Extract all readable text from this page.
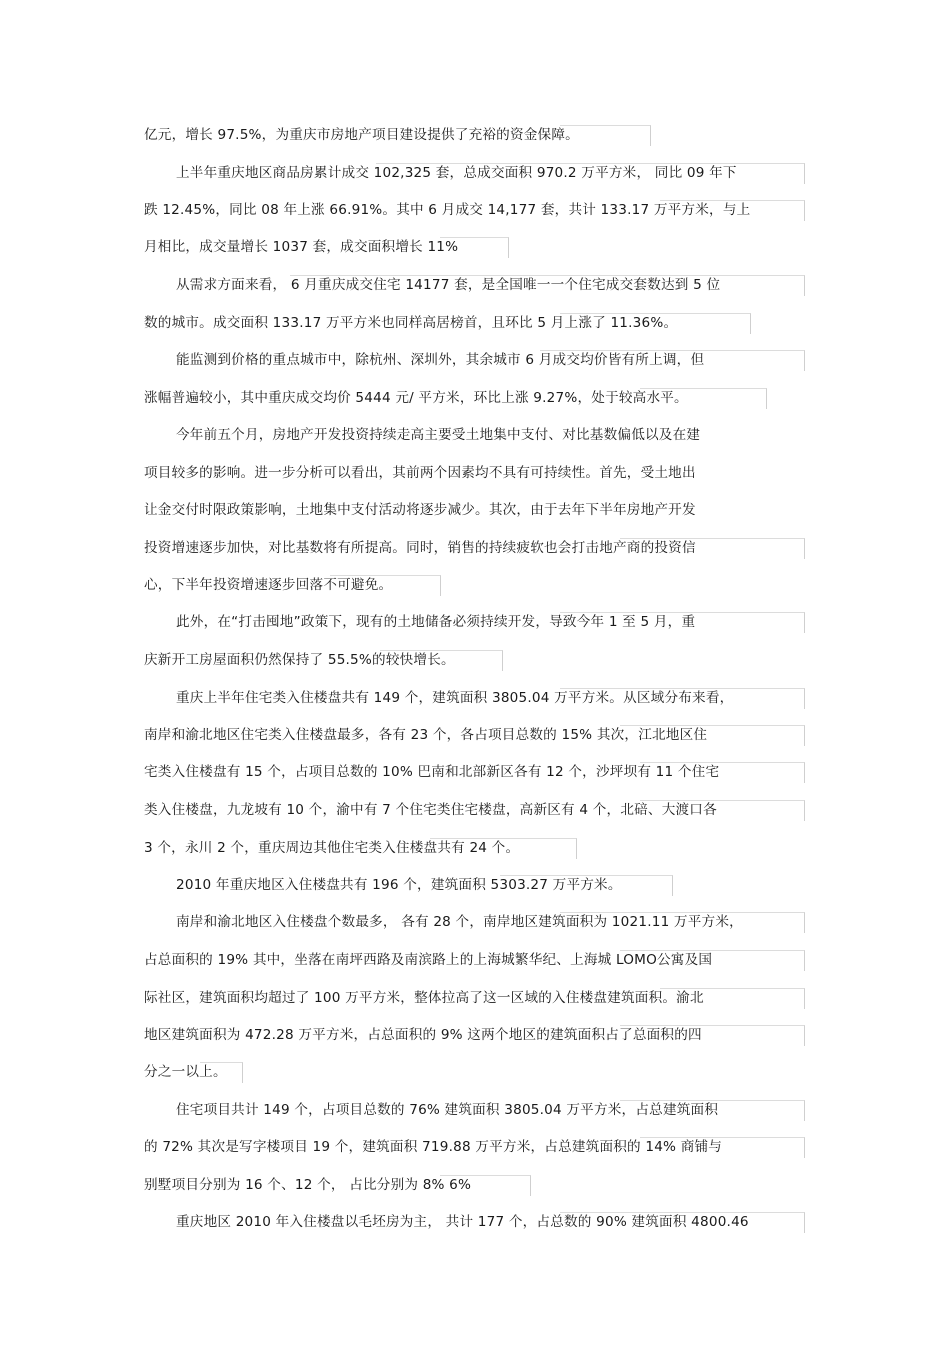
亿元，增长 97.5%，为重庆市房地产项目建设提供了充裕的资金保障。
上半年重庆地区商品房累计成交 102,325 套，总成交面积 970.2 万平方米， 同比 09 年下
跌 12.45%，同比 08 年上涨 66.91%。其中 6 月成交 14,177 套，共计 133.17 万平方米，与上
月相比，成交量增长 1037 套，成交面积增长 11%
从需求方面来看， 6 月重庆成交住宅 14177 套，是全国唯一一个住宅成交套数达到 5 位
数的城市。成交面积 133.17 万平方米也同样高居榜首，且环比 5 月上涨了 11.36%。
能监测到价格的重点城市中，除杭州、深圳外，其余城市 6 月成交均价皆有所上调，但
涨幅普遍较小，其中重庆成交均价 5444 元/ 平方米，环比上涨 9.27%，处于较高水平。
今年前五个月，房地产开发投资持续走高主要受土地集中支付、对比基数偏低以及在建
项目较多的影响。进一步分析可以看出，其前两个因素均不具有可持续性。首先，受土地出
让金交付时限政策影响，土地集中支付活动将逐步减少。其次，由于去年下半年房地产开发
投资增速逐步加快，对比基数将有所提高。同时，销售的持续疲软也会打击地产商的投资信
心，下半年投资增速逐步回落不可避免。
此外，在“打击囤地”政策下，现有的土地储备必须持续开发，导致今年 1 至 5 月，重
庆新开工房屋面积仍然保持了 55.5%的较快增长。
重庆上半年住宅类入住楼盘共有 149 个，建筑面积 3805.04 万平方米。从区域分布来看，
南岸和渝北地区住宅类入住楼盘最多，各有 23 个，各占项目总数的 15% 其次，江北地区住
宅类入住楼盘有 15 个，占项目总数的 10% 巴南和北部新区各有 12 个，沙坪坝有 11 个住宅
类入住楼盘，九龙坡有 10 个，渝中有 7 个住宅类住宅楼盘，高新区有 4 个，北碚、大渡口各
3 个，永川 2 个，重庆周边其他住宅类入住楼盘共有 24 个。
2010 年重庆地区入住楼盘共有 196 个，建筑面积 5303.27 万平方米。
南岸和渝北地区入住楼盘个数最多， 各有 28 个，南岸地区建筑面积为 1021.11 万平方米，
占总面积的 19% 其中，坐落在南坪西路及南滨路上的上海城繁华纪、上海城 LOMO公寓及国
际社区，建筑面积均超过了 100 万平方米，整体拉高了这一区域的入住楼盘建筑面积。渝北
地区建筑面积为 472.28 万平方米，占总面积的 9% 这两个地区的建筑面积占了总面积的四
分之一以上。
住宅项目共计 149 个，占项目总数的 76% 建筑面积 3805.04 万平方米，占总建筑面积
的 72% 其次是写字楼项目 19 个，建筑面积 719.88 万平方米，占总建筑面积的 14% 商铺与
别墅项目分别为 16 个、12 个， 占比分别为 8% 6%
重庆地区 2010 年入住楼盘以毛坯房为主， 共计 177 个，占总数的 90% 建筑面积 4800.46
